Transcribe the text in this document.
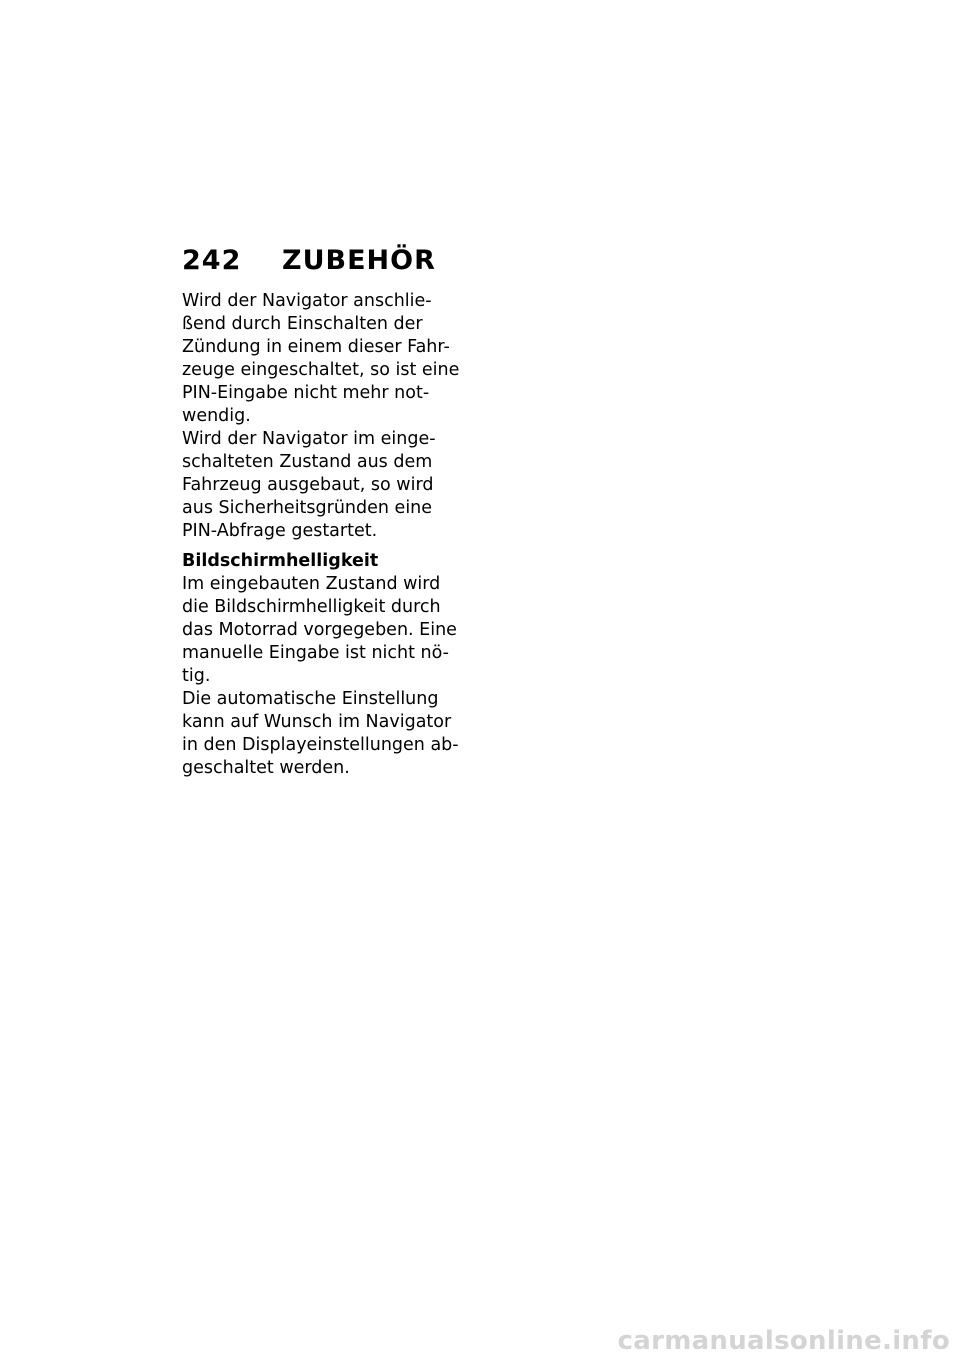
242 ZUBEHÖR

Wird der Navigator anschlie-
ßend durch Einschalten der
Zündung in einem dieser Fahr-
zeuge eingeschaltet, so ist eine
PIN-Eingabe nicht mehr not-
wendig.

Wird der Navigator im einge-
schalteten Zustand aus dem
Fahrzeug ausgebaut, so wird
aus Sicherheitsgründen eine
PIN-Abfrage gestartet.

Bildschirmhelligkeit

Im eingebauten Zustand wird
die Bildschirmhelligkeit durch
das Motorrad vorgegeben. Eine
manuelle Eingabe ist nicht nö-
tig.

Die automatische Einstellung
kann auf Wunsch im Navigator
in den Displayeinstellungen ab-
geschaltet werden.

carmanualsonline.info
